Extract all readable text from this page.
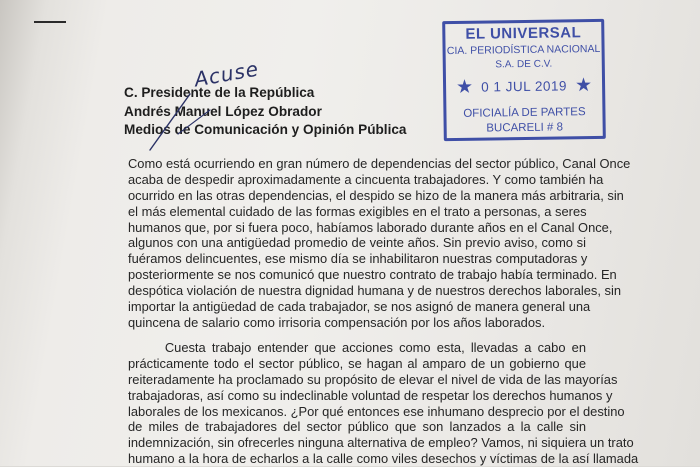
EL UNIVERSAL
CIA. PERIODÍSTICA NACIONAL
S.A. DE C.V.
★ 0 1 JUL 2019 ★
OFICIALÍA DE PARTES
BUCARELI # 8
C. Presidente de la República
Andrés Manuel López Obrador
Medios de Comunicación y Opinión Pública
Acuse
Como está ocurriendo en gran número de dependencias del sector público, Canal Once
acaba de despedir aproximadamente a cincuenta trabajadores. Y como también ha
ocurrido en las otras dependencias, el despido se hizo de la manera más arbitraria, sin
el más elemental cuidado de las formas exigibles en el trato a personas, a seres
humanos que, por si fuera poco, habíamos laborado durante años en el Canal Once,
algunos con una antigüedad promedio de veinte años. Sin previo aviso, como si
fuéramos delincuentes, ese mismo día se inhabilitaron nuestras computadoras y
posteriormente se nos comunicó que nuestro contrato de trabajo había terminado. En
despótica violación de nuestra dignidad humana y de nuestros derechos laborales, sin
importar la antigüedad de cada trabajador, se nos asignó de manera general una
quincena de salario como irrisoria compensación por los años laborados.
Cuesta trabajo entender que acciones como esta, llevadas a cabo en
prácticamente todo el sector público, se hagan al amparo de un gobierno que
reiteradamente ha proclamado su propósito de elevar el nivel de vida de las mayorías
trabajadoras, así como su indeclinable voluntad de respetar los derechos humanos y
laborales de los mexicanos. ¿Por qué entonces ese inhumano desprecio por el destino
de miles de trabajadores del sector público que son lanzados a la calle sin
indemnización, sin ofrecerles ninguna alternativa de empleo? Vamos, ni siquiera un trato
humano a la hora de echarlos a la calle como viles desechos y víctimas de la así llamada
